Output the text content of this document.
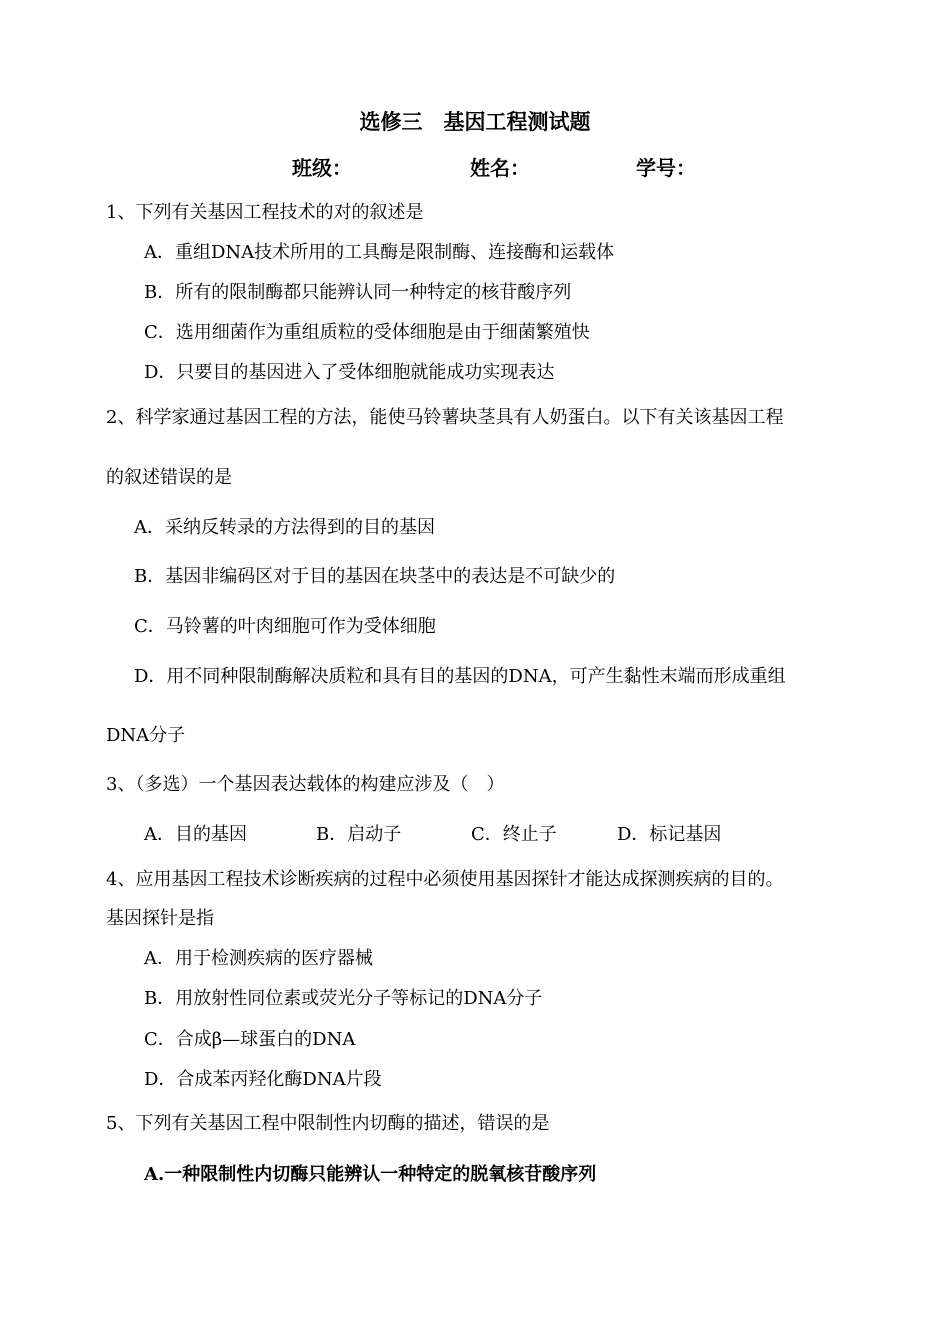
选修三　基因工程测试题
班级：	姓名：	学号：
1、下列有关基因工程技术的对的叙述是
A．重组DNA技术所用的工具酶是限制酶、连接酶和运载体
B．所有的限制酶都只能辨认同一种特定的核苷酸序列
C．选用细菌作为重组质粒的受体细胞是由于细菌繁殖快
D．只要目的基因进入了受体细胞就能成功实现表达
2、科学家通过基因工程的方法，能使马铃薯块茎具有人奶蛋白。以下有关该基因工程
的叙述错误的是
A．采纳反转录的方法得到的目的基因
B．基因非编码区对于目的基因在块茎中的表达是不可缺少的
C．马铃薯的叶肉细胞可作为受体细胞
D．用不同种限制酶解决质粒和具有目的基因的DNA，可产生黏性末端而形成重组
DNA分子
3、（多选）一个基因表达载体的构建应涉及（　）
A．目的基因	B．启动子	C．终止子	D．标记基因
4、应用基因工程技术诊断疾病的过程中必须使用基因探针才能达成探测疾病的目的。
基因探针是指
A．用于检测疾病的医疗器械
B．用放射性同位素或荧光分子等标记的DNA分子
C．合成β—球蛋白的DNA
D．合成苯丙羟化酶DNA片段
5、下列有关基因工程中限制性内切酶的描述，错误的是
A.一种限制性内切酶只能辨认一种特定的脱氧核苷酸序列
